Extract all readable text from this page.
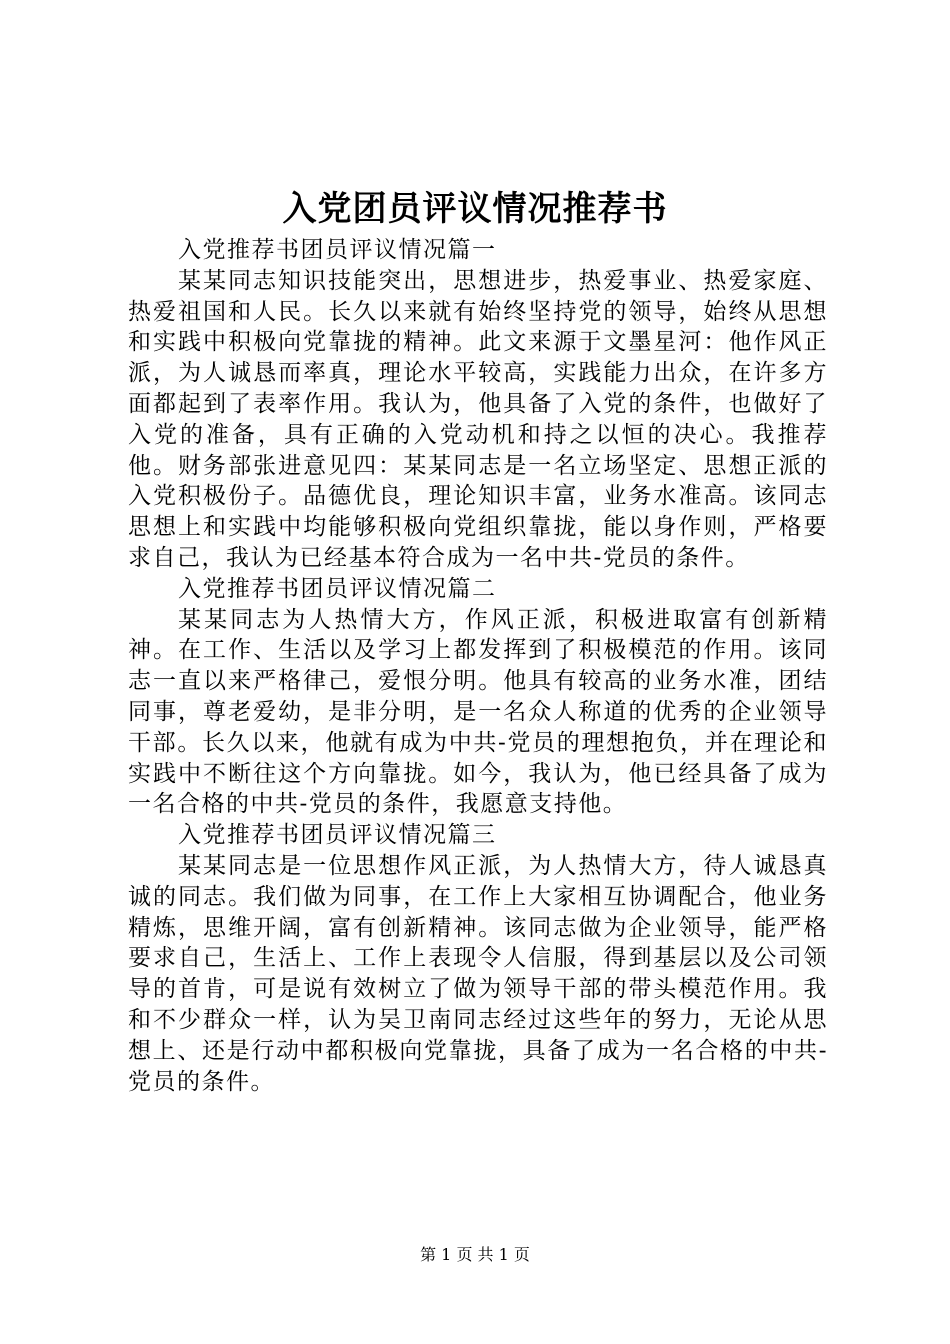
入党团员评议情况推荐书

入党推荐书团员评议情况篇一

某某同志知识技能突出，思想进步，热爱事业、热爱家庭、热爱祖国和人民。长久以来就有始终坚持党的领导，始终从思想和实践中积极向党靠拢的精神。此文来源于文墨星河：他作风正派，为人诚恳而率真，理论水平较高，实践能力出众，在许多方面都起到了表率作用。我认为，他具备了入党的条件，也做好了入党的准备，具有正确的入党动机和持之以恒的决心。我推荐他。财务部张进意见四：某某同志是一名立场坚定、思想正派的入党积极份子。品德优良，理论知识丰富，业务水准高。该同志思想上和实践中均能够积极向党组织靠拢，能以身作则，严格要求自己，我认为已经基本符合成为一名中共-党员的条件。

入党推荐书团员评议情况篇二

某某同志为人热情大方，作风正派，积极进取富有创新精神。在工作、生活以及学习上都发挥到了积极模范的作用。该同志一直以来严格律己，爱恨分明。他具有较高的业务水准，团结同事，尊老爱幼，是非分明，是一名众人称道的优秀的企业领导干部。长久以来，他就有成为中共-党员的理想抱负，并在理论和实践中不断往这个方向靠拢。如今，我认为，他已经具备了成为一名合格的中共-党员的条件，我愿意支持他。

入党推荐书团员评议情况篇三

某某同志是一位思想作风正派，为人热情大方，待人诚恳真诚的同志。我们做为同事，在工作上大家相互协调配合，他业务精炼，思维开阔，富有创新精神。该同志做为企业领导，能严格要求自己，生活上、工作上表现令人信服，得到基层以及公司领导的首肯，可是说有效树立了做为领导干部的带头模范作用。我和不少群众一样，认为吴卫南同志经过这些年的努力，无论从思想上、还是行动中都积极向党靠拢，具备了成为一名合格的中共-党员的条件。

第 1 页 共 1 页
